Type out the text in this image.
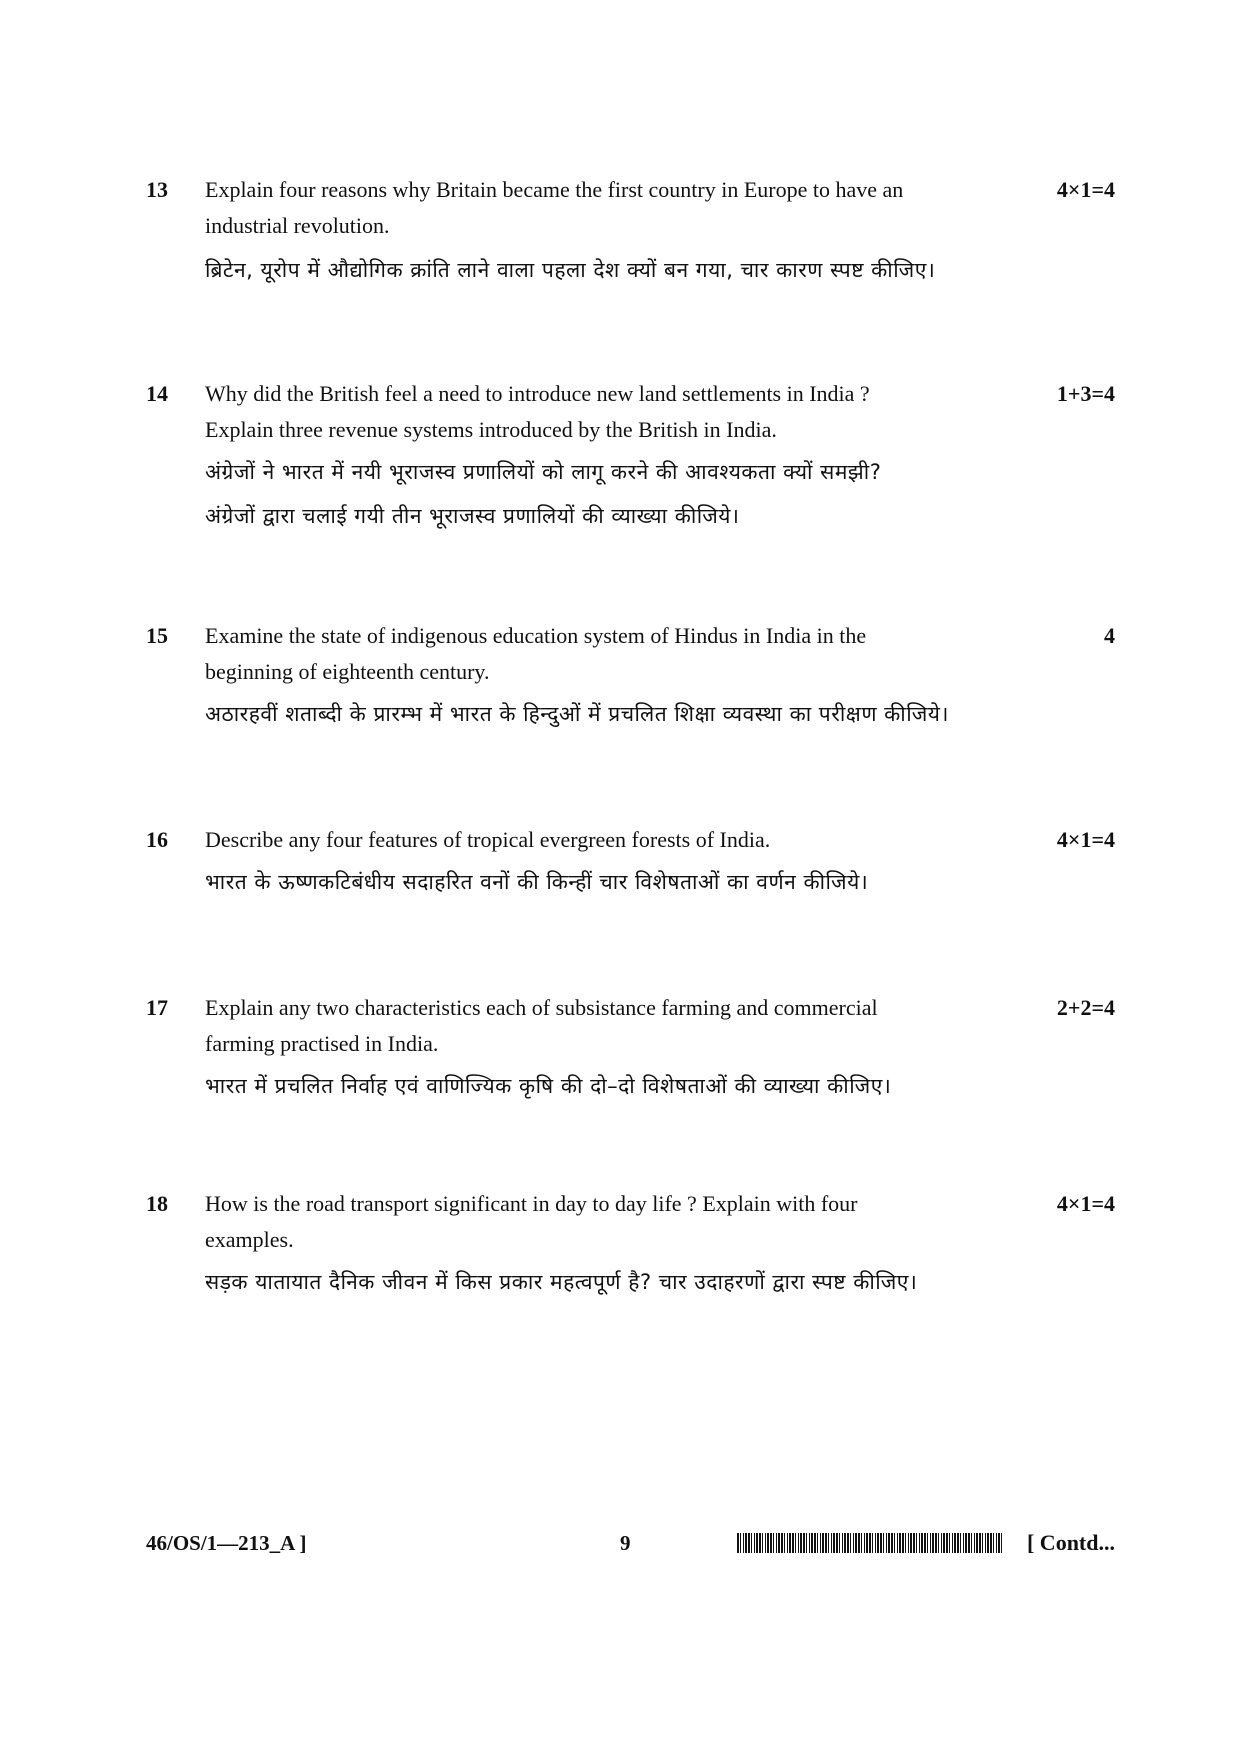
13 Explain four reasons why Britain became the first country in Europe to have an
industrial revolution.
4×1=4
ब्रिटेन, यूरोप में औद्योगिक क्रांति लाने वाला पहला देश क्यों बन गया, चार कारण स्पष्ट कीजिए।
14 Why did the British feel a need to introduce new land settlements in India ?
Explain three revenue systems introduced by the British in India.
1+3=4
अंग्रेजों ने भारत में नयी भूराजस्व प्रणालियों को लागू करने की आवश्यकता क्यों समझी?
अंग्रेजों द्वारा चलाई गयी तीन भूराजस्व प्रणालियों की व्याख्या कीजिये।
15 Examine the state of indigenous education system of Hindus in India in the
beginning of eighteenth century.
4
अठारहवीं शताब्दी के प्रारम्भ में भारत के हिन्दुओं में प्रचलित शिक्षा व्यवस्था का परीक्षण कीजिये।
16 Describe any four features of tropical evergreen forests of India.	4×1=4
भारत के ऊष्णकटिबंधीय सदाहरित वनों की किन्हीं चार विशेषताओं का वर्णन कीजिये।
17 Explain any two characteristics each of subsistance farming and commercial
farming practised in India.
2+2=4
भारत में प्रचलित निर्वाह एवं वाणिज्यिक कृषि की दो–दो विशेषताओं की व्याख्या कीजिए।
18 How is the road transport significant in day to day life ? Explain with four
examples.
4×1=4
सड़क यातायात दैनिक जीवन में किस प्रकार महत्वपूर्ण है? चार उदाहरणों द्वारा स्पष्ट कीजिए।
46/OS/1—213_A ]	9	[ Contd...
